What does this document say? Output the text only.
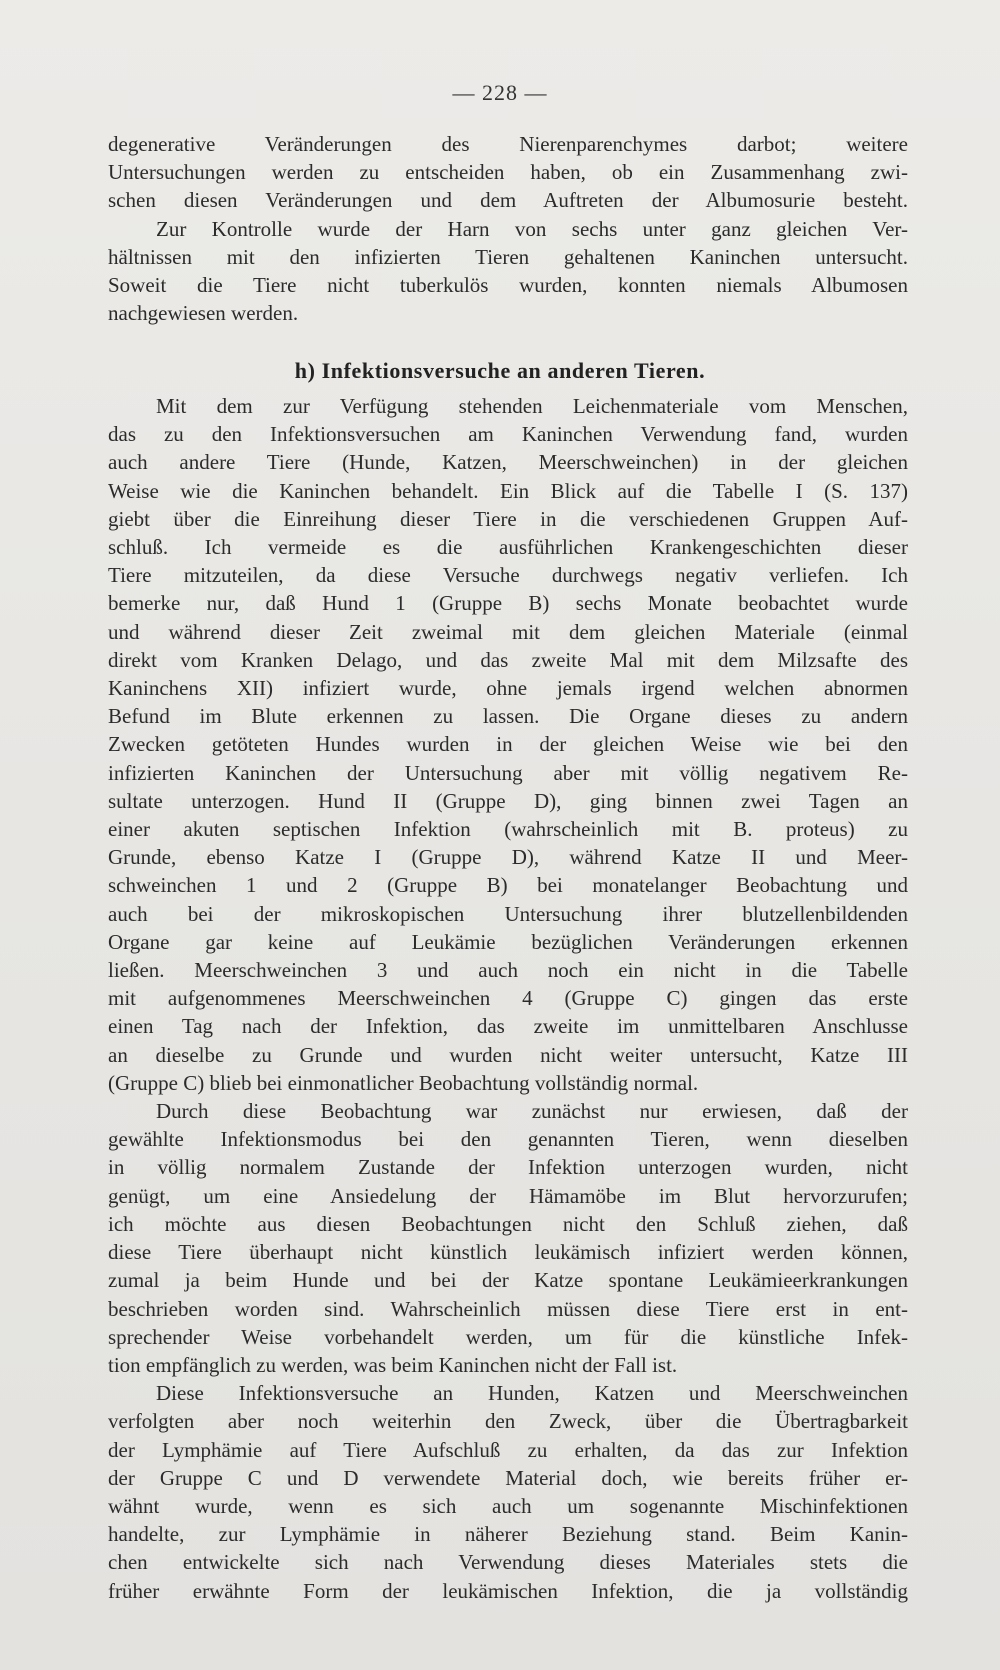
— 228 —
degenerative Veränderungen des Nierenparenchymes darbot; weitere
Untersuchungen werden zu entscheiden haben, ob ein Zusammenhang zwi-
schen diesen Veränderungen und dem Auftreten der Albumosurie besteht.
Zur Kontrolle wurde der Harn von sechs unter ganz gleichen Ver-
hältnissen mit den infizierten Tieren gehaltenen Kaninchen untersucht.
Soweit die Tiere nicht tuberkulös wurden, konnten niemals Albumosen
nachgewiesen werden.
h) Infektionsversuche an anderen Tieren.
Mit dem zur Verfügung stehenden Leichenmateriale vom Menschen,
das zu den Infektionsversuchen am Kaninchen Verwendung fand, wurden
auch andere Tiere (Hunde, Katzen, Meerschweinchen) in der gleichen
Weise wie die Kaninchen behandelt. Ein Blick auf die Tabelle I (S. 137)
giebt über die Einreihung dieser Tiere in die verschiedenen Gruppen Auf-
schluß. Ich vermeide es die ausführlichen Krankengeschichten dieser
Tiere mitzuteilen, da diese Versuche durchwegs negativ verliefen. Ich
bemerke nur, daß Hund 1 (Gruppe B) sechs Monate beobachtet wurde
und während dieser Zeit zweimal mit dem gleichen Materiale (einmal
direkt vom Kranken Delago, und das zweite Mal mit dem Milzsafte des
Kaninchens XII) infiziert wurde, ohne jemals irgend welchen abnormen
Befund im Blute erkennen zu lassen. Die Organe dieses zu andern
Zwecken getöteten Hundes wurden in der gleichen Weise wie bei den
infizierten Kaninchen der Untersuchung aber mit völlig negativem Re-
sultate unterzogen. Hund II (Gruppe D), ging binnen zwei Tagen an
einer akuten septischen Infektion (wahrscheinlich mit B. proteus) zu
Grunde, ebenso Katze I (Gruppe D), während Katze II und Meer-
schweinchen 1 und 2 (Gruppe B) bei monatelanger Beobachtung und
auch bei der mikroskopischen Untersuchung ihrer blutzellenbildenden
Organe gar keine auf Leukämie bezüglichen Veränderungen erkennen
ließen. Meerschweinchen 3 und auch noch ein nicht in die Tabelle
mit aufgenommenes Meerschweinchen 4 (Gruppe C) gingen das erste
einen Tag nach der Infektion, das zweite im unmittelbaren Anschlusse
an dieselbe zu Grunde und wurden nicht weiter untersucht, Katze III
(Gruppe C) blieb bei einmonatlicher Beobachtung vollständig normal.
Durch diese Beobachtung war zunächst nur erwiesen, daß der
gewählte Infektionsmodus bei den genannten Tieren, wenn dieselben
in völlig normalem Zustande der Infektion unterzogen wurden, nicht
genügt, um eine Ansiedelung der Hämamöbe im Blut hervorzurufen;
ich möchte aus diesen Beobachtungen nicht den Schluß ziehen, daß
diese Tiere überhaupt nicht künstlich leukämisch infiziert werden können,
zumal ja beim Hunde und bei der Katze spontane Leukämieerkrankungen
beschrieben worden sind. Wahrscheinlich müssen diese Tiere erst in ent-
sprechender Weise vorbehandelt werden, um für die künstliche Infek-
tion empfänglich zu werden, was beim Kaninchen nicht der Fall ist.
Diese Infektionsversuche an Hunden, Katzen und Meerschweinchen
verfolgten aber noch weiterhin den Zweck, über die Übertragbarkeit
der Lymphämie auf Tiere Aufschluß zu erhalten, da das zur Infektion
der Gruppe C und D verwendete Material doch, wie bereits früher er-
wähnt wurde, wenn es sich auch um sogenannte Mischinfektionen
handelte, zur Lymphämie in näherer Beziehung stand. Beim Kanin-
chen entwickelte sich nach Verwendung dieses Materiales stets die
früher erwähnte Form der leukämischen Infektion, die ja vollständig
